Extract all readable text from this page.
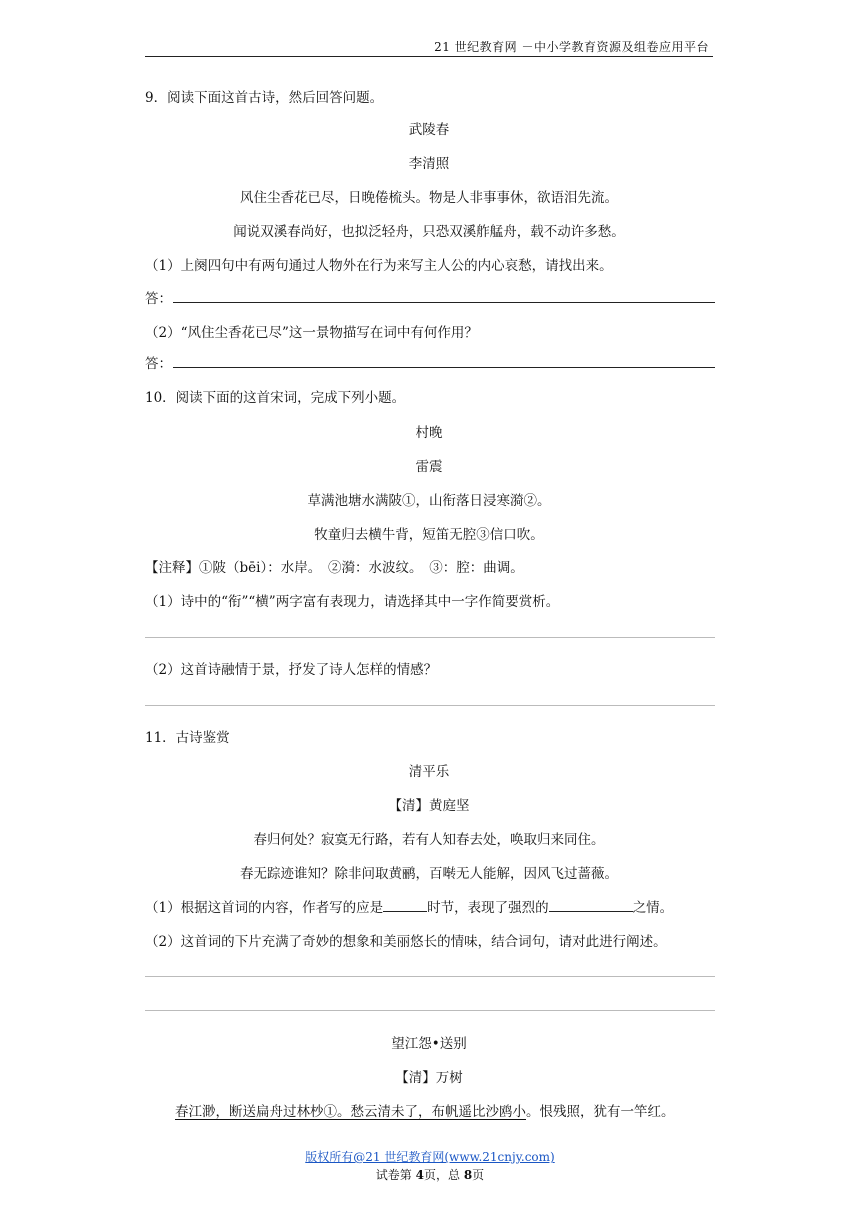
21 世纪教育网 －中小学教育资源及组卷应用平台
9．阅读下面这首古诗，然后回答问题。
武陵春
李清照
风住尘香花已尽，日晚倦梳头。物是人非事事休，欲语泪先流。
闻说双溪春尚好，也拟泛轻舟，只恐双溪舴艋舟，载不动许多愁。
（1）上阕四句中有两句通过人物外在行为来写主人公的内心哀愁，请找出来。
答：
（2）“风住尘香花已尽”这一景物描写在词中有何作用？
答：
10．阅读下面的这首宋词，完成下列小题。
村晚
雷震
草满池塘水满陂①，山衔落日浸寒漪②。
牧童归去横牛背，短笛无腔③信口吹。
【注释】①陂（bēi）：水岸。　②漪：水波纹。　③：腔：曲调。
（1）诗中的“衔”“横”两字富有表现力，请选择其中一字作简要赏析。
（2）这首诗融情于景，抒发了诗人怎样的情感？
11．古诗鉴赏
清平乐
【清】黄庭坚
春归何处？寂寞无行路，若有人知春去处，唤取归来同住。
春无踪迹谁知？除非问取黄鹂，百啭无人能解，因风飞过蔷薇。
（1）根据这首词的内容，作者写的应是	时节，表现了强烈的	之情。
（2）这首词的下片充满了奇妙的想象和美丽悠长的情味，结合词句，请对此进行阐述。
望江怨•送别
【清】万树
春江渺，断送扁舟过林杪①。愁云清未了，布帆遥比沙鸥小。恨残照，犹有一竿红。
版权所有@21 世纪教育网(www.21cnjy.com)
试卷第 4页，总 8页
